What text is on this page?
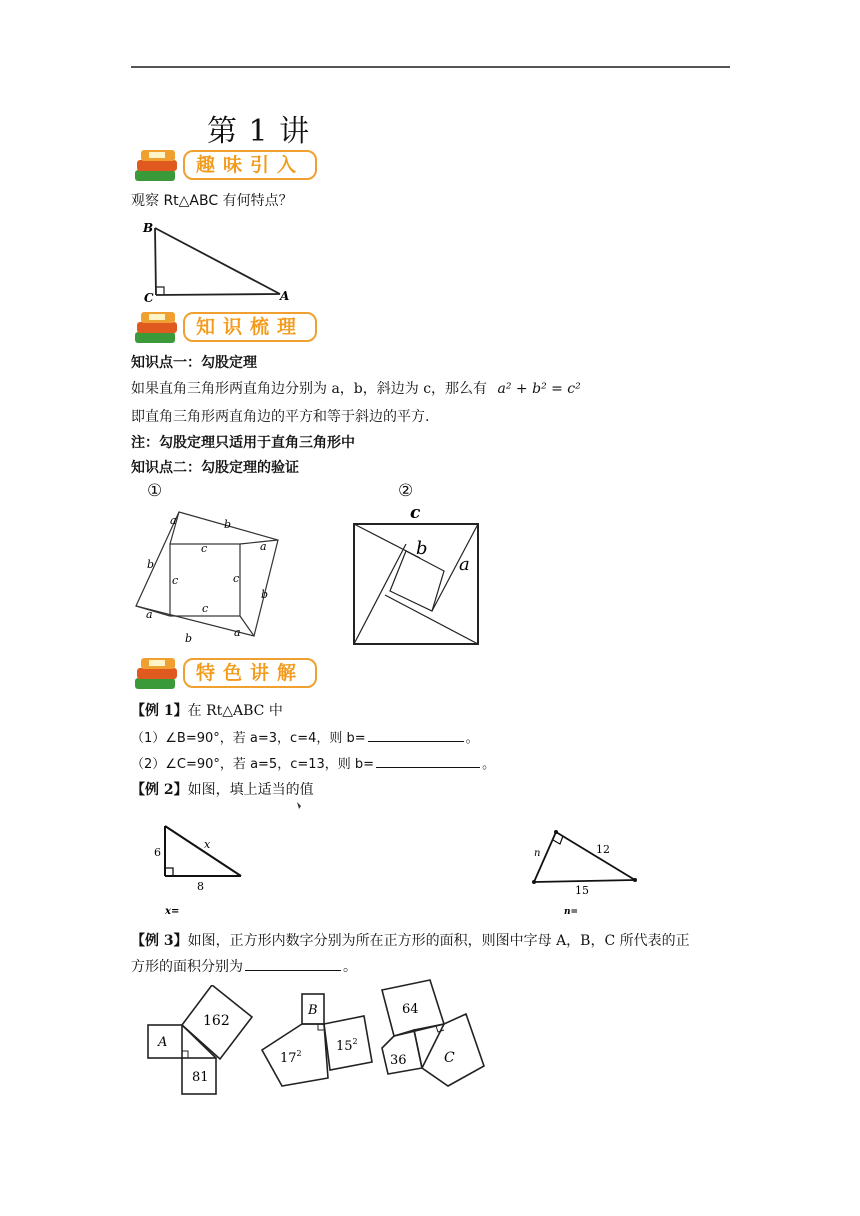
第 1 讲
趣味引入
观察 Rt△ABC 有何特点？
B
C	A
知识梳理
知识点一：勾股定理
如果直角三角形两直角边分别为 a，b，斜边为 c，那么有 a² + b² = c²
即直角三角形两直角边的平方和等于斜边的平方.
注：勾股定理只适用于直角三角形中
知识点二：勾股定理的验证
①	②
a	b
a
b
a
b
a
b
c
c
c
c
c
b
a
特色讲解
【例 1】在 Rt△ABC 中
（1）∠B=90°，若 a=3，c=4，则 b=	。
（2）∠C=90°，若 a=5，c=13，则 b=	。
【例 2】如图，填上适当的值
6
x
8
x=
n	12
15
n=
【例 3】如图，正方形内数字分别为所在正方形的面积，则图中字母 A，B，C 所代表的正
方形的面积分别为	。
A
162
81
B
$17^2$	$15^2$
64
36	C
